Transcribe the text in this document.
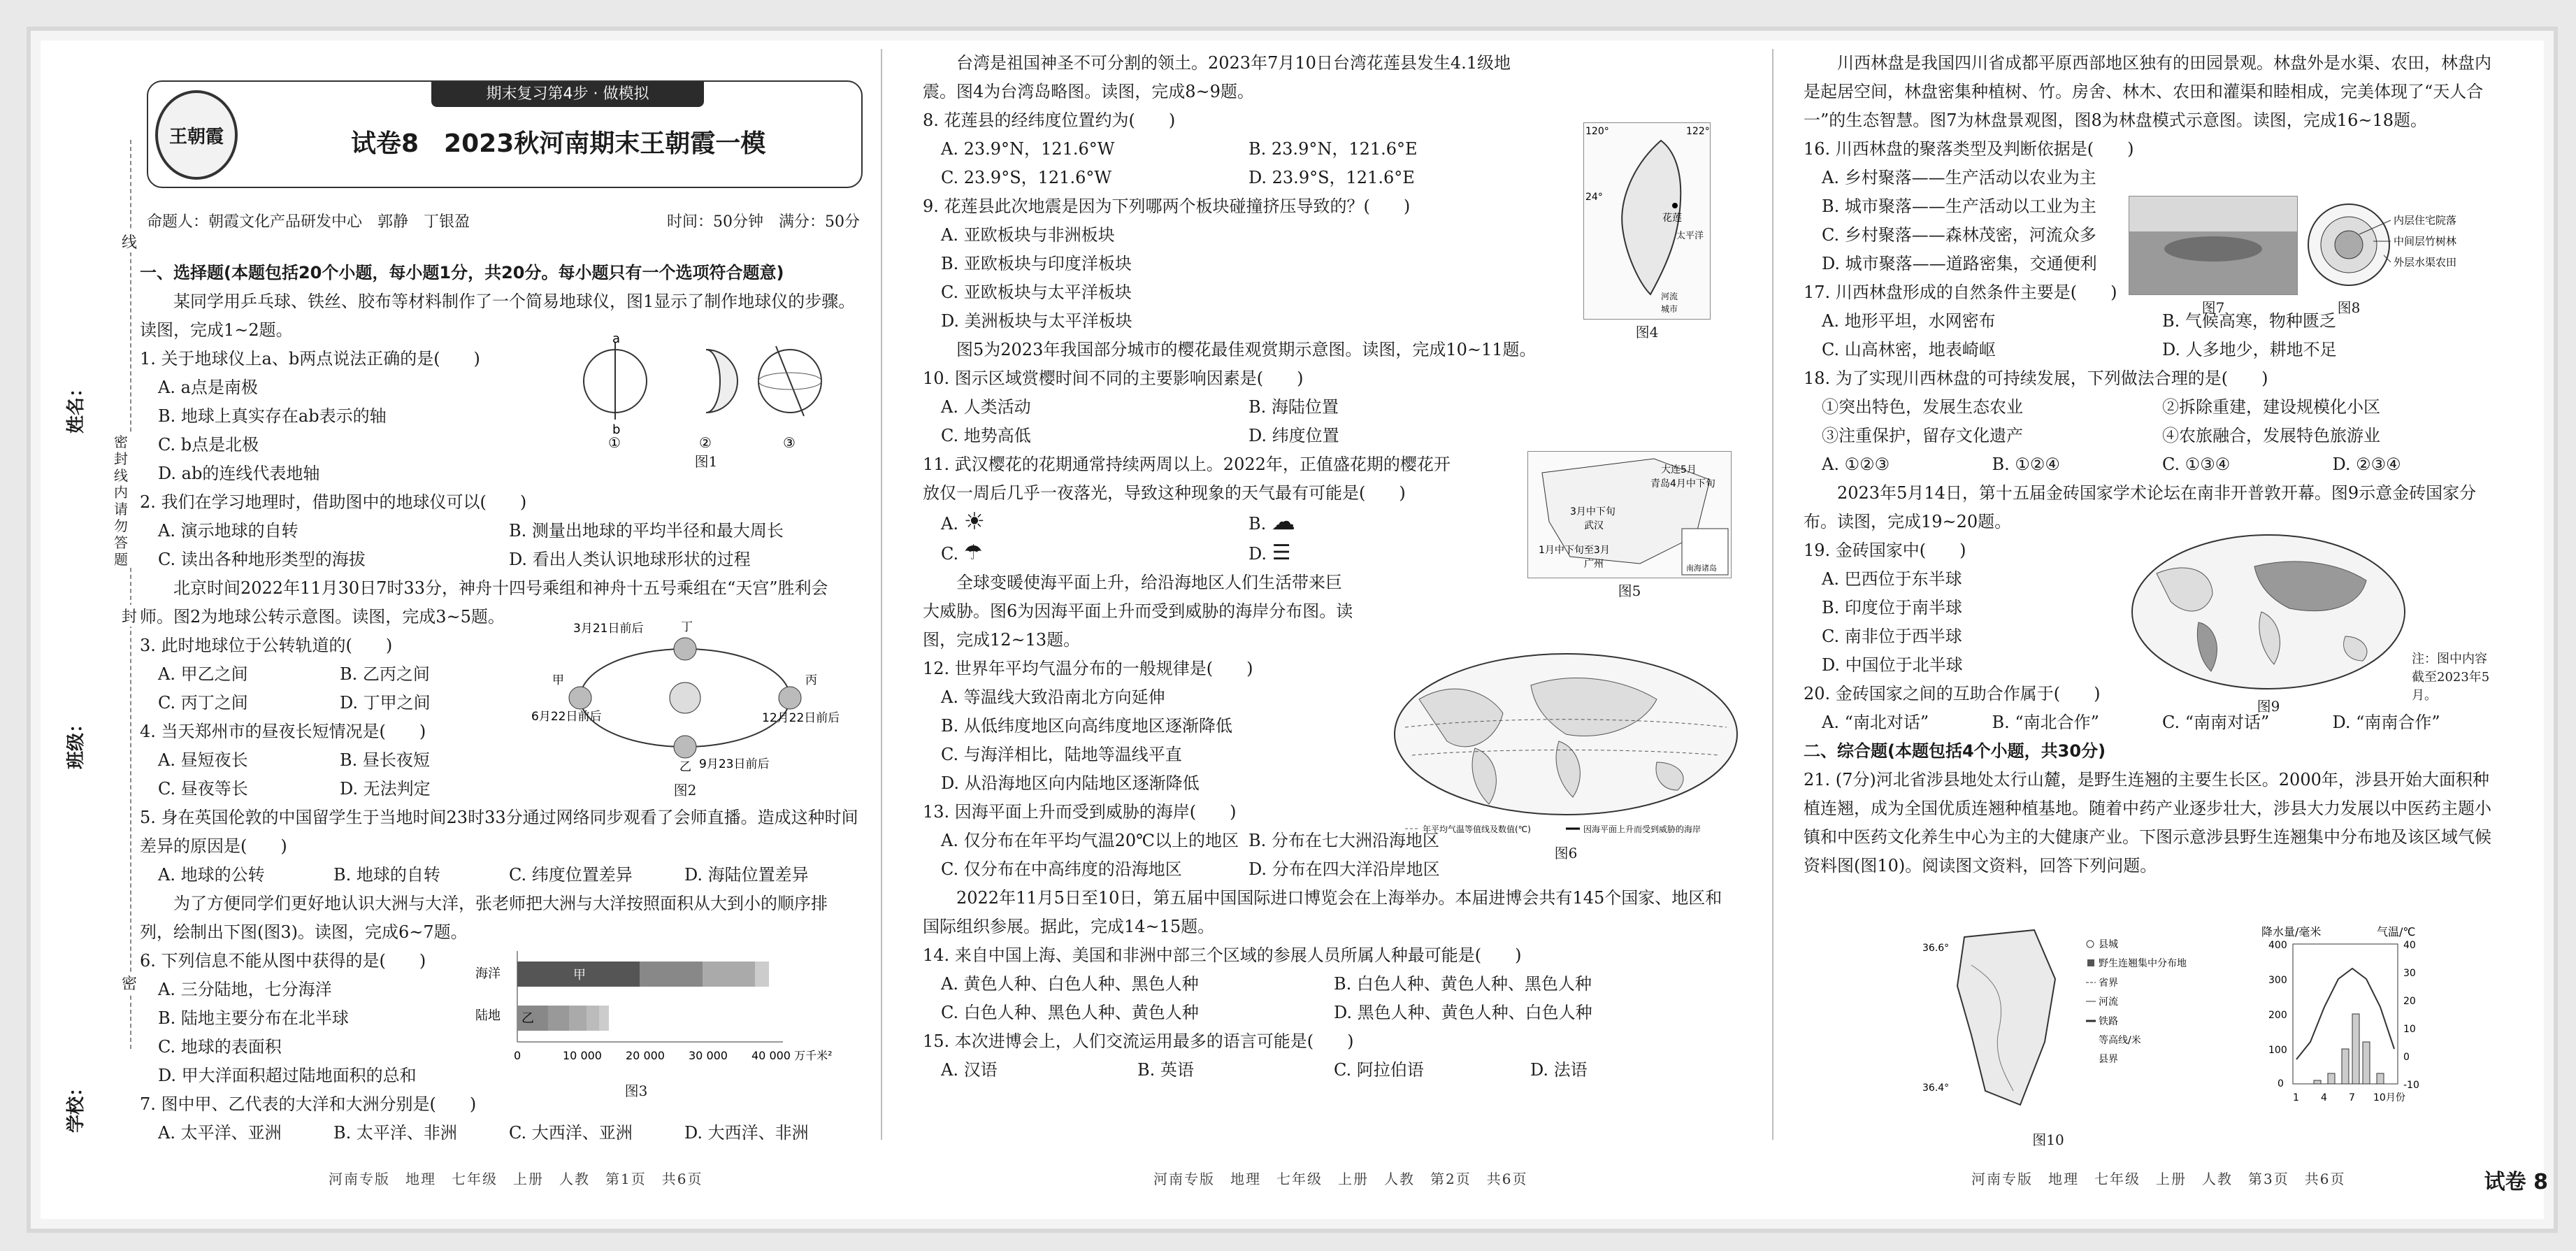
姓名：
班级：
学校：
线
封
密
密封线内请勿答题
期末复习第4步 · 做模拟
王朝霞	试卷8　2023秋河南期末王朝霞一模
命题人：朝霞文化产品研发中心　郭静　丁银盈	时间：50分钟　满分：50分

一、选择题(本题包括20个小题，每小题1分，共20分。每小题只有一个选项符合题意)

某同学用乒乓球、铁丝、胶布等材料制作了一个简易地球仪，图1显示了制作地球仪的步骤。读图，完成1~2题。

1. 关于地球仪上a、b两点说法正确的是(　　)

A. a点是南极

B. 地球上真实存在ab表示的轴

C. b点是北极

D. ab的连线代表地轴

2. 我们在学习地理时，借助图中的地球仪可以(　　)

A. 演示地球的自转	B. 测量出地球的平均半径和最大周长
C. 读出各种地形类型的海拔	D. 看出人类认识地球形状的过程

北京时间2022年11月30日7时33分，神舟十四号乘组和神舟十五号乘组在“天宫”胜利会师。图2为地球公转示意图。读图，完成3~5题。

3. 此时地球位于公转轨道的(　　)

A. 甲乙之间	B. 乙丙之间
C. 丙丁之间	D. 丁甲之间

4. 当天郑州市的昼夜长短情况是(　　)

A. 昼短夜长	B. 昼长夜短
C. 昼夜等长	D. 无法判定

5. 身在英国伦敦的中国留学生于当地时间23时33分通过网络同步观看了会师直播。造成这种时间差异的原因是(　　)

A. 地球的公转	B. 地球的自转	C. 纬度位置差异	D. 海陆位置差异

为了方便同学们更好地认识大洲与大洋，张老师把大洲与大洋按照面积从大到小的顺序排列，绘制出下图(图3)。读图，完成6~7题。

6. 下列信息不能从图中获得的是(　　)

A. 三分陆地，七分海洋

B. 陆地主要分布在北半球

C. 地球的表面积

D. 甲大洋面积超过陆地面积的总和

7. 图中甲、乙代表的大洋和大洲分别是(　　)

A. 太平洋、亚洲	B. 太平洋、非洲	C. 大西洋、亚洲	D. 大西洋、非洲
a
b
①	②	③
图1
3月21日前后	丁
甲	丙
乙
6月22日前后	12月22日前后
9月23日前后
图2
海洋
陆地
甲
乙
0	10 000 20 000 30 000 40 000 万千米²
图3

台湾是祖国神圣不可分割的领土。2023年7月10日台湾花莲县发生4.1级地震。图4为台湾岛略图。读图，完成8~9题。

8. 花莲县的经纬度位置约为(　　)

A. 23.9°N，121.6°W	B. 23.9°N，121.6°E
C. 23.9°S，121.6°W	D. 23.9°S，121.6°E

9. 花莲县此次地震是因为下列哪两个板块碰撞挤压导致的？(　　)

A. 亚欧板块与非洲板块

B. 亚欧板块与印度洋板块

C. 亚欧板块与太平洋板块

D. 美洲板块与太平洋板块

图5为2023年我国部分城市的樱花最佳观赏期示意图。读图，完成10~11题。

10. 图示区域赏樱时间不同的主要影响因素是(　　)

A. 人类活动	B. 海陆位置
C. 地势高低	D. 纬度位置

11. 武汉樱花的花期通常持续两周以上。2022年，正值盛花期的樱花开放仅一周后几乎一夜落光，导致这种现象的天气最有可能是(　　)

A. ☀	B. ☁
C. ☂	D. ☰

全球变暖使海平面上升，给沿海地区人们生活带来巨大威胁。图6为因海平面上升而受到威胁的海岸分布图。读图，完成12~13题。

12. 世界年平均气温分布的一般规律是(　　)

A. 等温线大致沿南北方向延伸

B. 从低纬度地区向高纬度地区逐渐降低

C. 与海洋相比，陆地等温线平直

D. 从沿海地区向内陆地区逐渐降低

13. 因海平面上升而受到威胁的海岸(　　)

A. 仅分布在年平均气温20℃以上的地区 B. 分布在七大洲沿海地区
C. 仅分布在中高纬度的沿海地区	D. 分布在四大洋沿岸地区

2022年11月5日至10日，第五届中国国际进口博览会在上海举办。本届进博会共有145个国家、地区和国际组织参展。据此，完成14~15题。

14. 来自中国上海、美国和非洲中部三个区域的参展人员所属人种最可能是(　　)

A. 黄色人种、白色人种、黑色人种	B. 白色人种、黄色人种、黑色人种
C. 白色人种、黑色人种、黄色人种	D. 黑色人种、黄色人种、白色人种

15. 本次进博会上，人们交流运用最多的语言可能是(　　)

A. 汉语	B. 英语	C. 阿拉伯语	D. 法语
120°	122°
24°
花莲
太平洋
河流
城市
图4
大连5月
青岛4月中下旬
3月中下旬
武汉
1月中下旬至3月
广州	南海诸岛
图5
年平均气温等值线及数值(℃)	因海平面上升而受到威胁的海岸
图6

川西林盘是我国四川省成都平原西部地区独有的田园景观。林盘外是水渠、农田，林盘内是起居空间，林盘密集种植树、竹。房舍、林木、农田和灌渠和睦相成，完美体现了“天人合一”的生态智慧。图7为林盘景观图，图8为林盘模式示意图。读图，完成16~18题。

16. 川西林盘的聚落类型及判断依据是(　　)

A. 乡村聚落——生产活动以农业为主

B. 城市聚落——生产活动以工业为主

C. 乡村聚落——森林茂密，河流众多

D. 城市聚落——道路密集，交通便利

17. 川西林盘形成的自然条件主要是(　　)

A. 地形平坦，水网密布	B. 气候高寒，物种匮乏
C. 山高林密，地表崎岖	D. 人多地少，耕地不足

18. 为了实现川西林盘的可持续发展，下列做法合理的是(　　)

①突出特色，发展生态农业	②拆除重建，建设规模化小区
③注重保护，留存文化遗产	④农旅融合，发展特色旅游业
A. ①②③	B. ①②④	C. ①③④	D. ②③④

2023年5月14日，第十五届金砖国家学术论坛在南非开普敦开幕。图9示意金砖国家分布。读图，完成19~20题。

19. 金砖国家中(　　)

A. 巴西位于东半球

B. 印度位于南半球

C. 南非位于西半球

D. 中国位于北半球

20. 金砖国家之间的互助合作属于(　　)

A. “南北对话”	B. “南北合作”	C. “南南对话”	D. “南南合作”

二、综合题(本题包括4个小题，共30分)

21. (7分)河北省涉县地处太行山麓，是野生连翘的主要生长区。2000年，涉县开始大面积种植连翘，成为全国优质连翘种植基地。随着中药产业逐步壮大，涉县大力发展以中医药主题小镇和中医药文化养生中心为主的大健康产业。下图示意涉县野生连翘集中分布地及该区域气候资料图(图10)。阅读图文资料，回答下列问题。

图7
内层住宅院落
中间层竹树林
外层水渠农田
图8
图9
注：图中内容截至2023年5月。
36.6°
36.4°
县城
野生连翘集中分布地
省界
河流
铁路
等高线/米
县界
降水量/毫米	气温/℃
400
300
200
100
0
40
30
20
10
0
-10
1 4 7 10月份
图10
河南专版　地理　七年级　上册　人教　第1页　共6页	河南专版　地理　七年级　上册　人教　第2页　共6页	河南专版　地理　七年级　上册　人教　第3页　共6页	试卷 8
